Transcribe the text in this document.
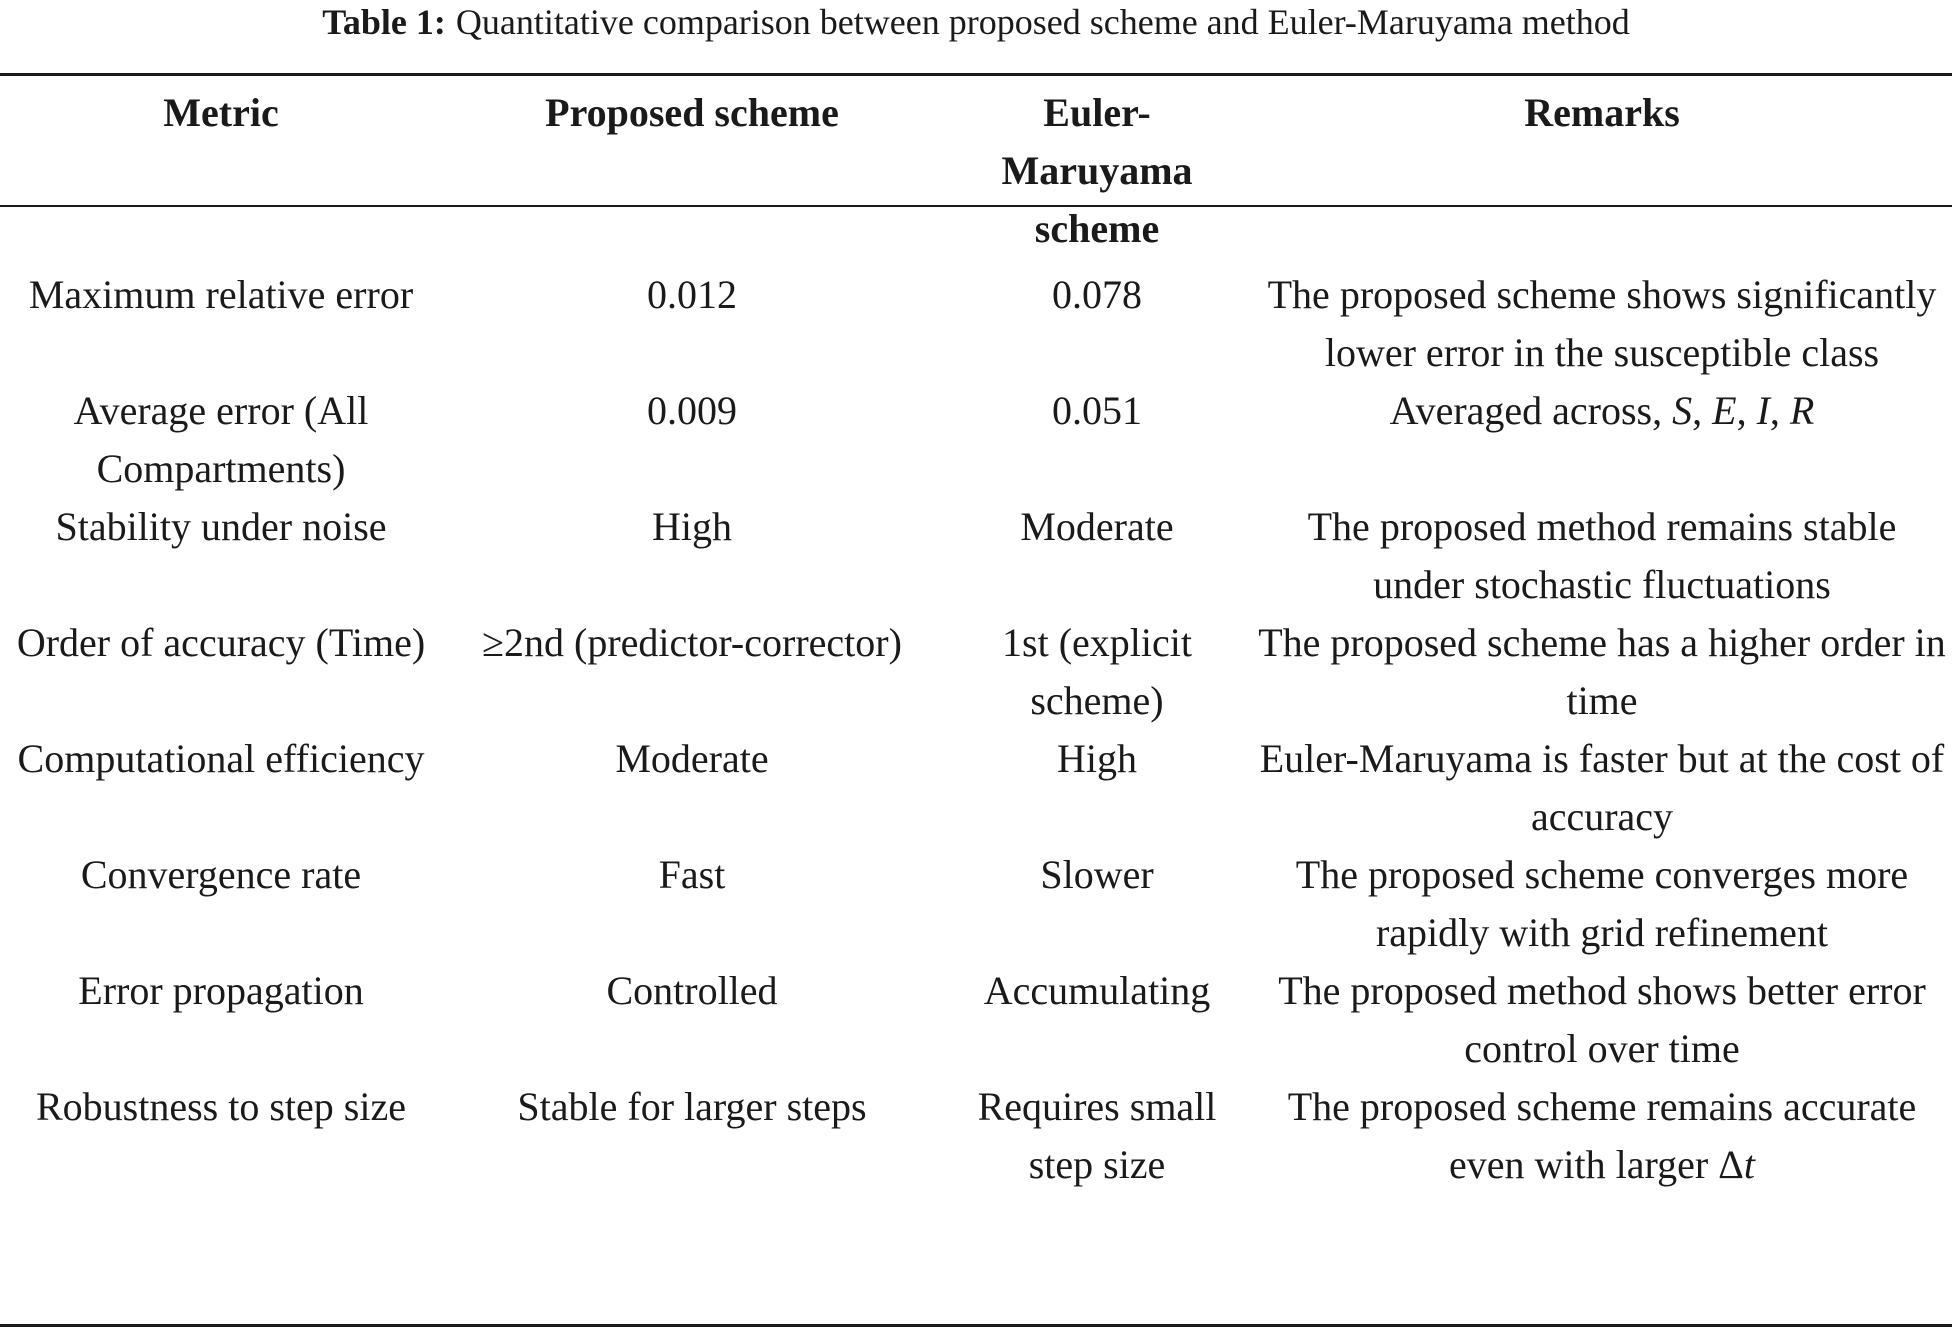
Table 1: Quantitative comparison between proposed scheme and Euler-Maruyama method
Metric	Proposed scheme	Euler-Maruyama scheme	Remarks
Maximum relative error	0.012	0.078	The proposed scheme shows significantly lower error in the susceptible class
Average error (All Compartments)	0.009	0.051	Averaged across, S, E, I, R
Stability under noise	High	Moderate	The proposed method remains stable under stochastic fluctuations
Order of accuracy (Time)	≥2nd (predictor-corrector)	1st (explicit scheme)	The proposed scheme has a higher order in time
Computational efficiency	Moderate	High	Euler-Maruyama is faster but at the cost of accuracy
Convergence rate	Fast	Slower	The proposed scheme converges more rapidly with grid refinement
Error propagation	Controlled	Accumulating	The proposed method shows better error control over time
Robustness to step size	Stable for larger steps	Requires small step size	The proposed scheme remains accurate even with larger Δt
